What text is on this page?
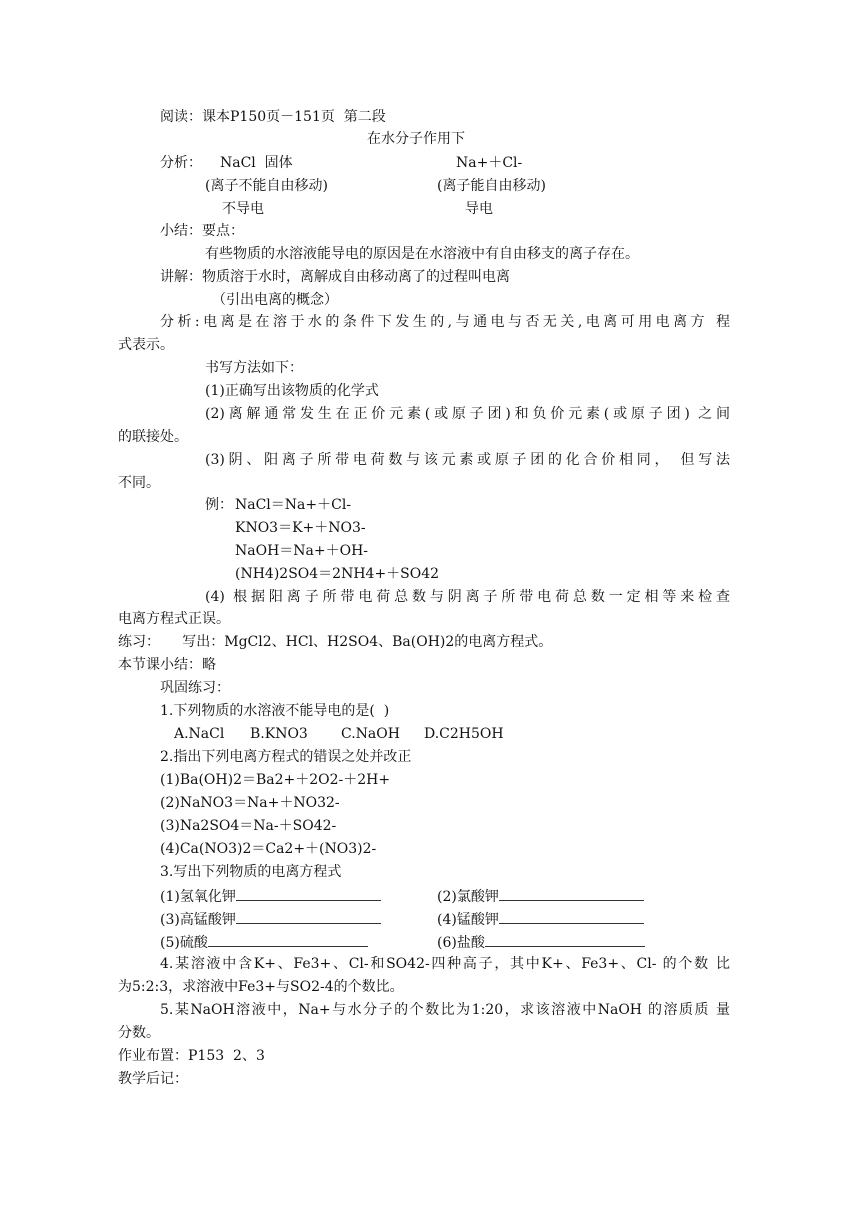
阅读：课本P150页－151页  第二段
在水分子作用下
分析： NaCl  固体	Na+＋Cl-
(离子不能自由移动)	(离子能自由移动)
不导电	导电
小结：要点：
有些物质的水溶液能导电的原因是在水溶液中有自由移支的离子存在。
讲解：物质溶于水时，离解成自由移动离了的过程叫电离
（引出电离的概念）
分析:电离是在溶于水的条件下发生的,与通电与否无关,电离可用电离方 程
式表示。
书写方法如下：
(1)正确写出该物质的化学式
(2)离解通常发生在正价元素(或原子团)和负价元素(或原子团) 之间
的联接处。
(3)阴、阳离子所带电荷数与该元素或原子团的化合价相同， 但写法
不同。
例： NaCl＝Na+＋Cl-
KNO3＝K+＋NO3-
NaOH＝Na+＋OH-
(NH4)2SO4＝2NH4+＋SO42
(4) 根据阳离子所带电荷总数与阴离子所带电荷总数一定相等来检查
电离方程式正误。
练习：     写出：MgCl2、HCl、H2SO4、Ba(OH)2的电离方程式。
本节课小结：略
巩固练习：
1.下列物质的水溶液不能导电的是(  )
A.NaCl B.KNO3 C.NaOH D.C2H5OH
2.指出下列电离方程式的错误之处并改正
(1)Ba(OH)2＝Ba2+＋2O2-＋2H+
(2)NaNO3＝Na+＋NO32-
(3)Na2SO4＝Na-＋SO42-
(4)Ca(NO3)2＝Ca2+＋(NO3)2-
3.写出下列物质的电离方程式
(1)氢氧化钾	(2)氯酸钾
(3)高锰酸钾	(4)锰酸钾
(5)硫酸	(6)盐酸
4.某溶液中含K+、Fe3+、Cl-和SO42-四种高子，其中K+、Fe3+、Cl- 的个数 比
为5:2:3，求溶液中Fe3+与SO2-4的个数比。
5.某NaOH溶液中，Na+与水分子的个数比为1:20，求该溶液中NaOH 的溶质质 量
分数。
作业布置：P153  2、3
教学后记：
